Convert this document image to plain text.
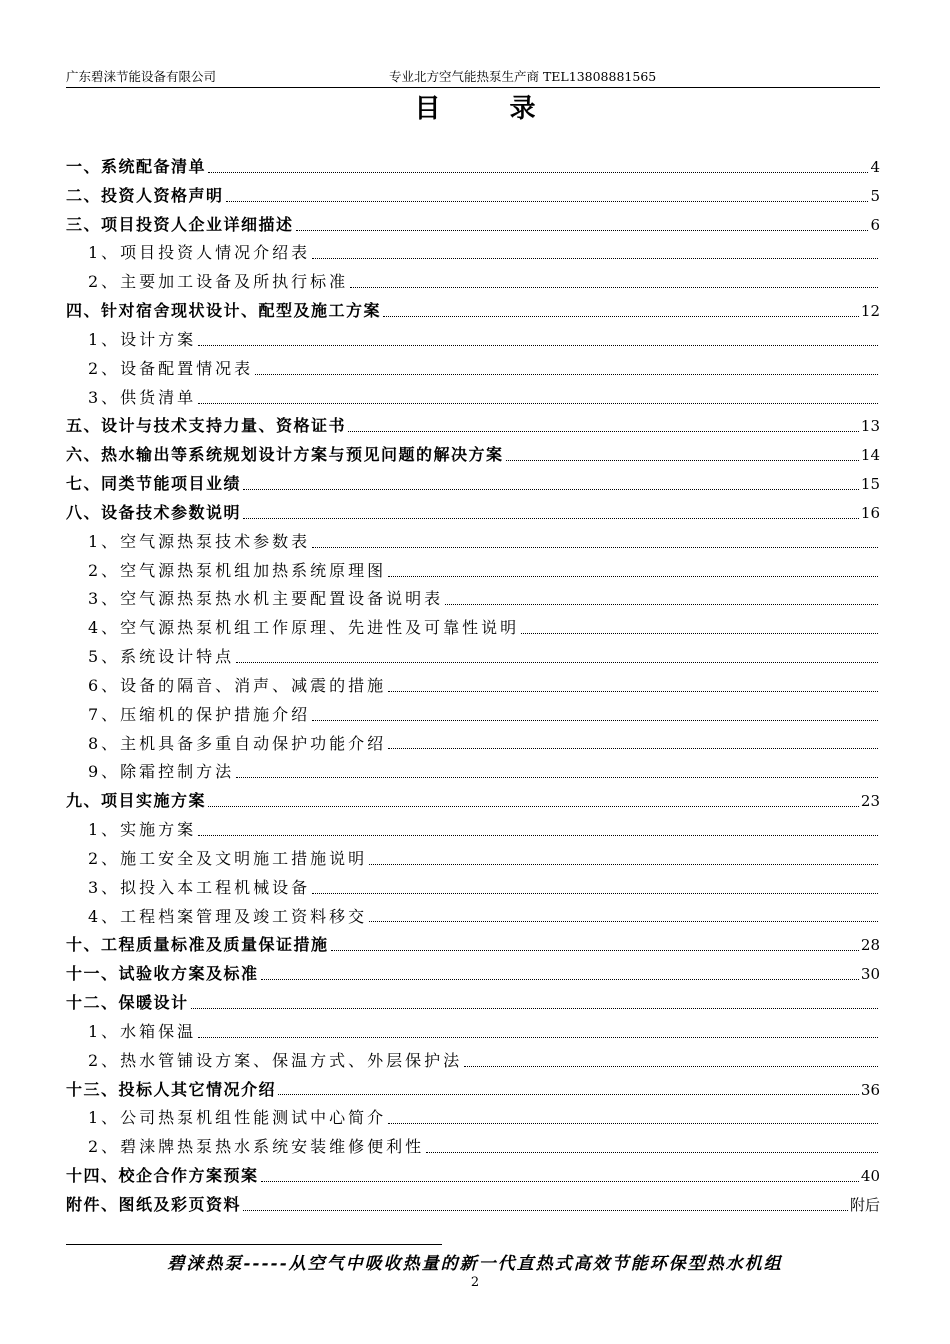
广东碧涞节能设备有限公司	专业北方空气能热泵生产商 TEL13808881565
目 录
一、系统配备清单	4
二、投资人资格声明	5
三、项目投资人企业详细描述	6
1、项目投资人情况介绍表
2、主要加工设备及所执行标准
四、针对宿舍现状设计、配型及施工方案	12
1、设计方案
2、设备配置情况表
3、供货清单
五、设计与技术支持力量、资格证书	13
六、热水输出等系统规划设计方案与预见问题的解决方案	14
七、同类节能项目业绩	15
八、设备技术参数说明	16
1、空气源热泵技术参数表
2、空气源热泵机组加热系统原理图
3、空气源热泵热水机主要配置设备说明表
4、空气源热泵机组工作原理、先进性及可靠性说明
5、系统设计特点
6、设备的隔音、消声、减震的措施
7、压缩机的保护措施介绍
8、主机具备多重自动保护功能介绍
9、除霜控制方法
九、项目实施方案	23
1、实施方案
2、施工安全及文明施工措施说明
3、拟投入本工程机械设备
4、工程档案管理及竣工资料移交
十、工程质量标准及质量保证措施	28
十一、试验收方案及标准	30
十二、保暖设计
1、水箱保温
2、热水管铺设方案、保温方式、外层保护法
十三、投标人其它情况介绍	36
1、公司热泵机组性能测试中心简介
2、碧涞牌热泵热水系统安装维修便利性
十四、校企合作方案预案	40
附件、图纸及彩页资料	附后
碧涞热泵-----从空气中吸收热量的新一代直热式高效节能环保型热水机组
2
